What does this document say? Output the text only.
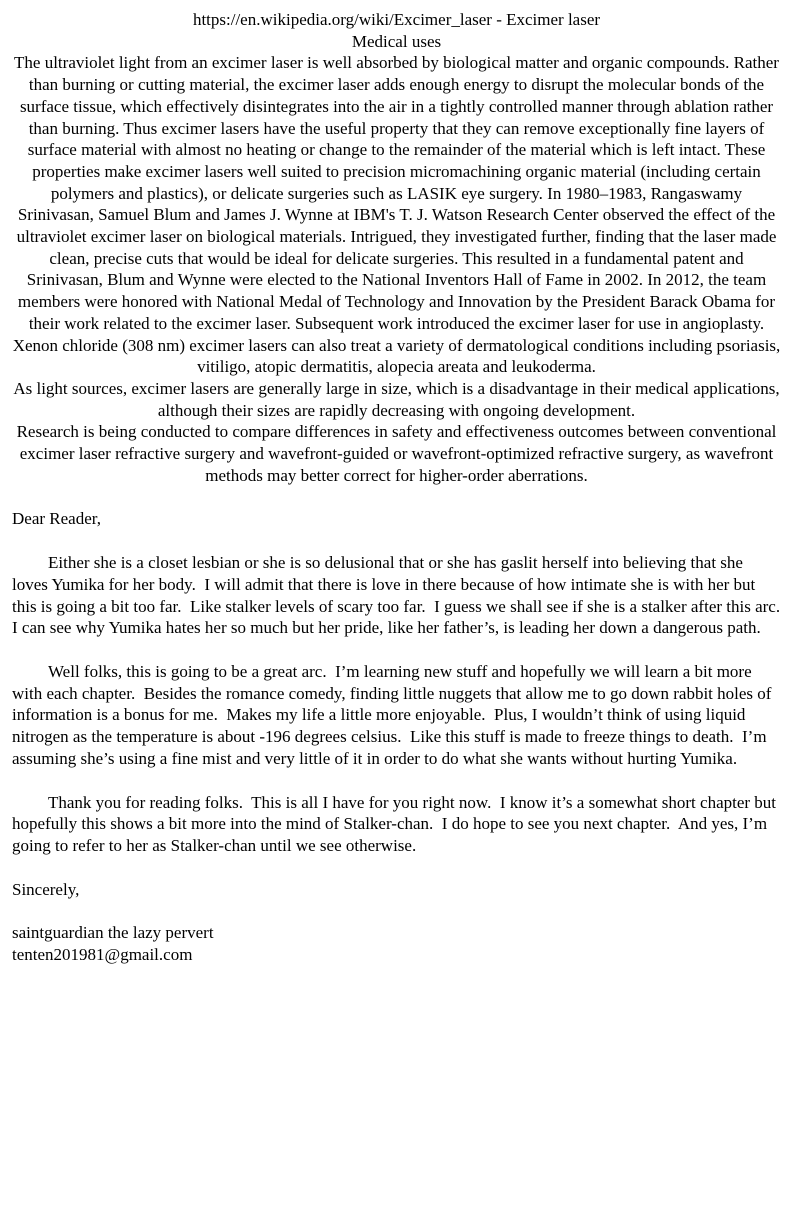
https://en.wikipedia.org/wiki/Excimer_laser - Excimer laser

Medical uses

The ultraviolet light from an excimer laser is well absorbed by biological matter and organic compounds. Rather than burning or cutting material, the excimer laser adds enough energy to disrupt the molecular bonds of the surface tissue, which effectively disintegrates into the air in a tightly controlled manner through ablation rather than burning. Thus excimer lasers have the useful property that they can remove exceptionally fine layers of surface material with almost no heating or change to the remainder of the material which is left intact. These properties make excimer lasers well suited to precision micromachining organic material (including certain polymers and plastics), or delicate surgeries such as LASIK eye surgery. In 1980–1983, Rangaswamy Srinivasan, Samuel Blum and James J. Wynne at IBM's T. J. Watson Research Center observed the effect of the ultraviolet excimer laser on biological materials. Intrigued, they investigated further, finding that the laser made clean, precise cuts that would be ideal for delicate surgeries. This resulted in a fundamental patent and Srinivasan, Blum and Wynne were elected to the National Inventors Hall of Fame in 2002. In 2012, the team members were honored with National Medal of Technology and Innovation by the President Barack Obama for their work related to the excimer laser. Subsequent work introduced the excimer laser for use in angioplasty. Xenon chloride (308 nm) excimer lasers can also treat a variety of dermatological conditions including psoriasis, vitiligo, atopic dermatitis, alopecia areata and leukoderma.

As light sources, excimer lasers are generally large in size, which is a disadvantage in their medical applications, although their sizes are rapidly decreasing with ongoing development.

Research is being conducted to compare differences in safety and effectiveness outcomes between conventional excimer laser refractive surgery and wavefront-guided or wavefront-optimized refractive surgery, as wavefront methods may better correct for higher-order aberrations.

Dear Reader,

Either she is a closet lesbian or she is so delusional that or she has gaslit herself into believing that she loves Yumika for her body.  I will admit that there is love in there because of how intimate she is with her but this is going a bit too far.  Like stalker levels of scary too far.  I guess we shall see if she is a stalker after this arc.  I can see why Yumika hates her so much but her pride, like her father’s, is leading her down a dangerous path.

Well folks, this is going to be a great arc.  I’m learning new stuff and hopefully we will learn a bit more with each chapter.  Besides the romance comedy, finding little nuggets that allow me to go down rabbit holes of information is a bonus for me.  Makes my life a little more enjoyable.  Plus, I wouldn’t think of using liquid nitrogen as the temperature is about -196 degrees celsius.  Like this stuff is made to freeze things to death.  I’m assuming she’s using a fine mist and very little of it in order to do what she wants without hurting Yumika.

Thank you for reading folks.  This is all I have for you right now.  I know it’s a somewhat short chapter but hopefully this shows a bit more into the mind of Stalker-chan.  I do hope to see you next chapter.  And yes, I’m going to refer to her as Stalker-chan until we see otherwise.

Sincerely,

saintguardian the lazy pervert

tenten201981@gmail.com
